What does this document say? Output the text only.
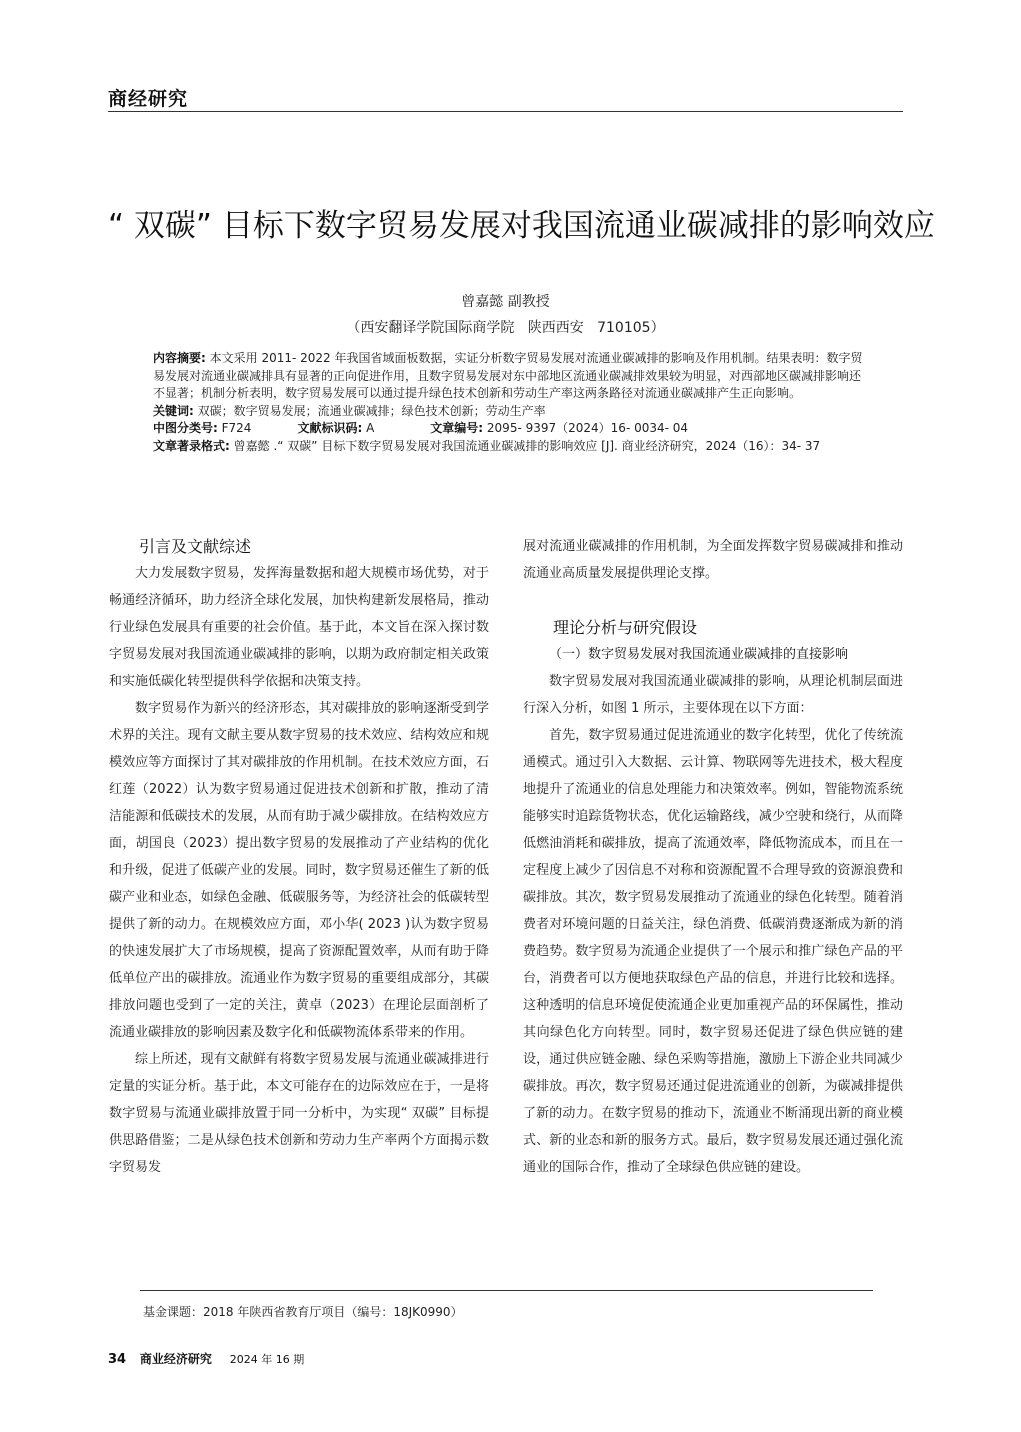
商经研究
“ 双碳” 目标下数字贸易发展对我国流通业碳减排的影响效应
曾嘉懿 副教授
（西安翻译学院国际商学院   陕西西安   710105）

内容摘要: 本文采用 2011- 2022 年我国省域面板数据，实证分析数字贸易发展对流通业碳减排的影响及作用机制。结果表明：数字贸易发展对流通业碳减排具有显著的正向促进作用，且数字贸易发展对东中部地区流通业碳减排效果较为明显，对西部地区碳减排影响还不显著；机制分析表明，数字贸易发展可以通过提升绿色技术创新和劳动生产率这两条路径对流通业碳减排产生正向影响。

关键词: 双碳；数字贸易发展；流通业碳减排；绿色技术创新；劳动生产率

中图分类号: F724	文献标识码: A	文章编号: 2095- 9397（2024）16- 0034- 04

文章著录格式: 曾嘉懿 .“ 双碳” 目标下数字贸易发展对我国流通业碳减排的影响效应 [J]. 商业经济研究，2024（16）：34- 37

引言及文献综述

大力发展数字贸易，发挥海量数据和超大规模市场优势，对于畅通经济循环，助力经济全球化发展，加快构建新发展格局，推动行业绿色发展具有重要的社会价值。基于此，本文旨在深入探讨数字贸易发展对我国流通业碳减排的影响，以期为政府制定相关政策和实施低碳化转型提供科学依据和决策支持。

数字贸易作为新兴的经济形态，其对碳排放的影响逐渐受到学术界的关注。现有文献主要从数字贸易的技术效应、结构效应和规模效应等方面探讨了其对碳排放的作用机制。在技术效应方面，石红莲（2022）认为数字贸易通过促进技术创新和扩散，推动了清洁能源和低碳技术的发展，从而有助于减少碳排放。在结构效应方面，胡国良（2023）提出数字贸易的发展推动了产业结构的优化和升级，促进了低碳产业的发展。同时，数字贸易还催生了新的低碳产业和业态，如绿色金融、低碳服务等，为经济社会的低碳转型提供了新的动力。在规模效应方面，邓小华( 2023 )认为数字贸易的快速发展扩大了市场规模，提高了资源配置效率，从而有助于降低单位产出的碳排放。流通业作为数字贸易的重要组成部分，其碳排放问题也受到了一定的关注，黄卓（2023）在理论层面剖析了流通业碳排放的影响因素及数字化和低碳物流体系带来的作用。

综上所述，现有文献鲜有将数字贸易发展与流通业碳减排进行定量的实证分析。基于此，本文可能存在的边际效应在于，一是将数字贸易与流通业碳排放置于同一分析中，为实现“ 双碳” 目标提供思路借鉴；二是从绿色技术创新和劳动力生产率两个方面揭示数字贸易发

展对流通业碳减排的作用机制，为全面发挥数字贸易碳减排和推动流通业高质量发展提供理论支撑。

理论分析与研究假设
（一）数字贸易发展对我国流通业碳减排的直接影响

数字贸易发展对我国流通业碳减排的影响，从理论机制层面进行深入分析，如图 1 所示，主要体现在以下方面：

首先，数字贸易通过促进流通业的数字化转型，优化了传统流通模式。通过引入大数据、云计算、物联网等先进技术，极大程度地提升了流通业的信息处理能力和决策效率。例如，智能物流系统能够实时追踪货物状态，优化运输路线，减少空驶和绕行，从而降低燃油消耗和碳排放，提高了流通效率，降低物流成本，而且在一定程度上减少了因信息不对称和资源配置不合理导致的资源浪费和碳排放。其次，数字贸易发展推动了流通业的绿色化转型。随着消费者对环境问题的日益关注，绿色消费、低碳消费逐渐成为新的消费趋势。数字贸易为流通企业提供了一个展示和推广绿色产品的平台，消费者可以方便地获取绿色产品的信息，并进行比较和选择。这种透明的信息环境促使流通企业更加重视产品的环保属性，推动其向绿色化方向转型。同时，数字贸易还促进了绿色供应链的建设，通过供应链金融、绿色采购等措施，激励上下游企业共同减少碳排放。再次，数字贸易还通过促进流通业的创新，为碳减排提供了新的动力。在数字贸易的推动下，流通业不断涌现出新的商业模式、新的业态和新的服务方式。最后，数字贸易发展还通过强化流通业的国际合作，推动了全球绿色供应链的建设。

基金课题：2018 年陕西省教育厅项目（编号：18JK0990）
34 商业经济研究 2024 年 16 期
